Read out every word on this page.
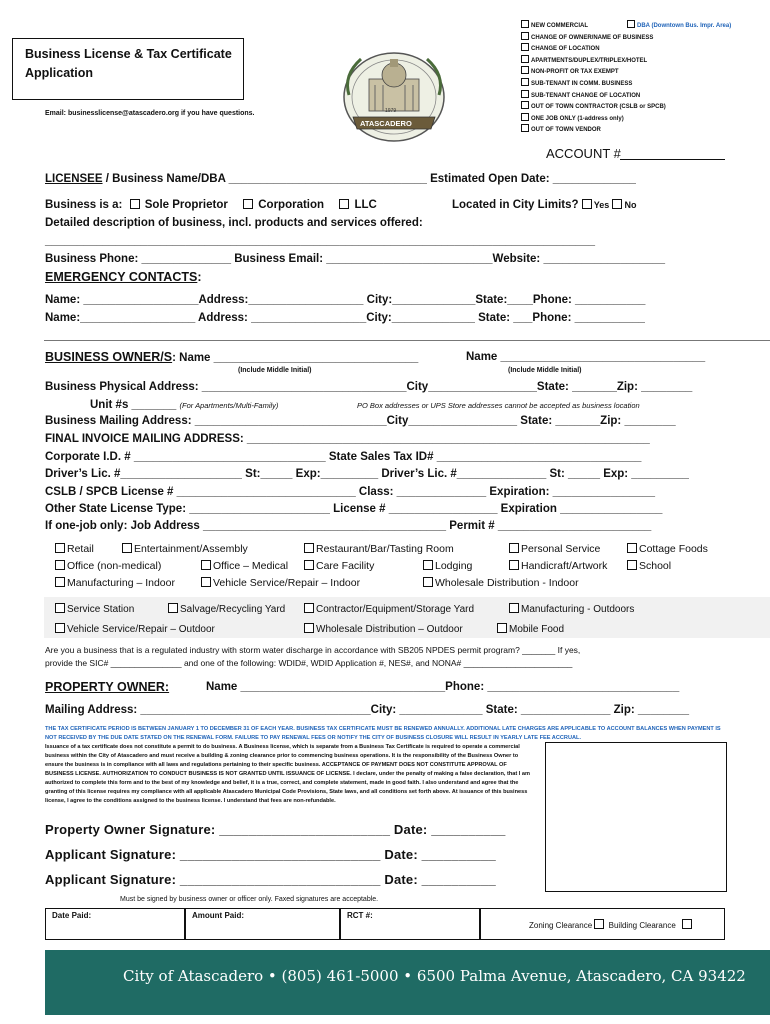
Business License & Tax Certificate
Application
Email: businesslicense@atascadero.org if you have questions.
ATASCADERO
1979
NEW COMMERCIAL
CHANGE OF OWNER/NAME OF BUSINESS
CHANGE OF LOCATION
APARTMENTS/DUPLEX/TRIPLEX/HOTEL
NON-PROFIT OR TAX EXEMPT
SUB-TENANT IN COMM. BUSINESS
SUB-TENANT CHANGE OF LOCATION
OUT OF TOWN CONTRACTOR (CSLB or SPCB)
ONE JOB ONLY (1-address only)
OUT OF TOWN VENDOR
DBA (Downtown Bus. Impr. Area)
ACCOUNT #
LICENSEE / Business Name/DBA _______________________________ Estimated Open Date: _____________
Business is a: Sole Proprietor	Corporation	LLC	Located in City Limits? Yes No
Detailed description of business, incl. products and services offered:
______________________________________________________________________________________
Business Phone: ______________ Business Email: __________________________Website: ___________________
EMERGENCY CONTACTS:
Name: __________________Address:__________________ City:_____________State:____Phone: ___________
Name:__________________ Address: __________________City:_____________ State: ___Phone: ___________
BUSINESS OWNER/S: Name ________________________________	Name ________________________________
(Include Middle Initial)	(Include Middle Initial)
Business Physical Address: ________________________________City_________________State: _______Zip: ________
Unit #s _______ (For Apartments/Multi-Family)	PO Box addresses or UPS Store addresses cannot be accepted as business location
Business Mailing Address: ______________________________City_________________ State: _______Zip: ________
FINAL INVOICE MAILING ADDRESS: _______________________________________________________________
Corporate I.D. # ______________________________ State Sales Tax ID# ________________________________
Driver’s Lic. #___________________ St:_____ Exp:_________ Driver’s Lic. #______________ St: _____ Exp: _________
CSLB / SPCB License # ____________________________ Class: ______________ Expiration: ________________
Other State License Type: ______________________ License # _________________ Expiration ________________
If one-job only: Job Address ______________________________________ Permit # ________________________
Retail	Entertainment/Assembly	Restaurant/Bar/Tasting Room	Personal Service	Cottage Foods
Office (non-medical)	Office – Medical	Care Facility	Lodging	Handicraft/Artwork	School
Manufacturing – Indoor	Vehicle Service/Repair – Indoor	Wholesale Distribution - Indoor
Service Station	Salvage/Recycling Yard	Contractor/Equipment/Storage Yard	Manufacturing - Outdoors
Vehicle Service/Repair – Outdoor	Wholesale Distribution – Outdoor	Mobile Food
Are you a business that is a regulated industry with storm water discharge in accordance with SB205 NPDES permit program? _______ If yes,
provide the SIC# _______________ and one of the following: WDID#, WDID Application #, NES#, and NONA# _______________________
PROPERTY OWNER:	Name ________________________________Phone: ______________________________
Mailing Address: ____________________________________City: _____________ State: ______________ Zip: ________
THE TAX CERTIFICATE PERIOD IS BETWEEN JANUARY 1 TO DECEMBER 31 OF EACH YEAR. BUSINESS TAX CERTIFICATE MUST BE RENEWED ANNUALLY. ADDITIONAL LATE CHARGES ARE APPLICABLE TO ACCOUNT BALANCES WHEN PAYMENT IS NOT RECEIVED BY THE DUE DATE STATED ON THE RENEWAL FORM. FAILURE TO PAY RENEWAL FEES OR NOTIFY THE CITY OF BUSINESS CLOSURE WILL RESULT IN YEARLY LATE FEE ACCRUAL.
Issuance of a tax certificate does not constitute a permit to do business. A Business license, which is separate from a Business Tax Certificate is required to operate a commercial business within the City of Atascadero and must receive a building & zoning clearance prior to commencing business operations. It is the responsibility of the Business Owner to ensure the business is in compliance with all laws and regulations pertaining to their specific business. ACCEPTANCE OF PAYMENT DOES NOT CONSTITUTE APPROVAL OF BUSINESS LICENSE. AUTHORIZATION TO CONDUCT BUSINESS IS NOT GRANTED UNTIL ISSUANCE OF LICENSE. I declare, under the penalty of making a false declaration, that I am authorized to complete this form and to the best of my knowledge and belief, it is a true, correct, and complete statement, made in good faith. I also understand and agree that the granting of this license requires my compliance with all applicable Atascadero Municipal Code Provisions, State laws, and all conditions set forth above. At issuance of this business license, I agree to the conditions assigned to the business license. I understand that fees are non-refundable.
Property Owner Signature: _______________________ Date: __________
Applicant Signature: ___________________________ Date: __________
Applicant Signature: ___________________________ Date: __________
Must be signed by business owner or officer only. Faxed signatures are acceptable.
Date Paid:	Amount Paid:	RCT #:
Zoning Clearance Building Clearance
City of Atascadero • (805) 461-5000 • 6500 Palma Avenue, Atascadero, CA 93422
